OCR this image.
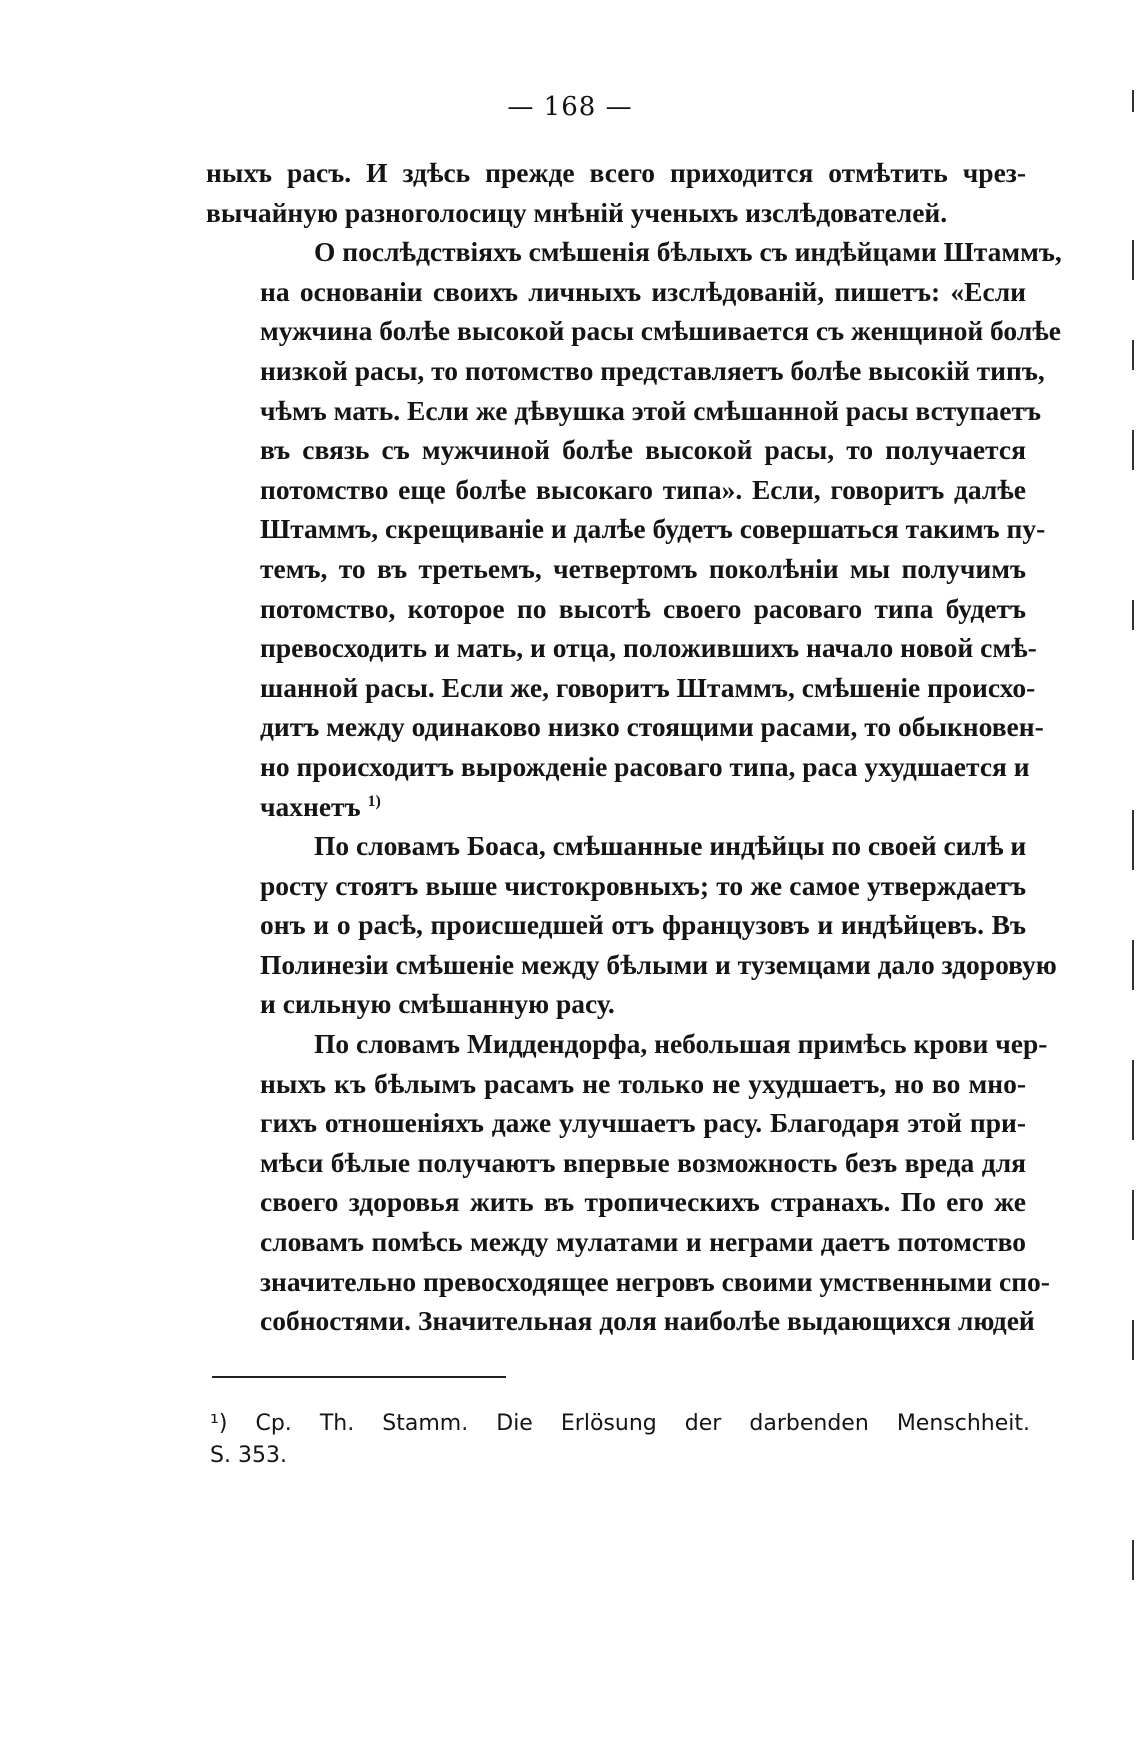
— 168 —
ныхъ расъ. И здѣсь прежде всего приходится отмѣтить чрез-
вычайную разноголосицу мнѣній ученыхъ изслѣдователей.
О послѣдствiяхъ смѣшенiя бѣлыхъ съ индѣйцами Штаммъ,
на основанiи своихъ личныхъ изслѣдованiй, пишетъ: «Если
мужчина болѣе высокой расы смѣшивается съ женщиной болѣе
низкой расы, то потомство представляетъ болѣе высокiй типъ,
чѣмъ мать. Если же дѣвушка этой смѣшанной расы вступаетъ
въ связь съ мужчиной болѣе высокой расы, то получается
потомство еще болѣе высокаго типа». Если, говоритъ далѣе
Штаммъ, скрещиванiе и далѣе будетъ совершаться такимъ пу-
темъ, то въ третьемъ, четвертомъ поколѣнiи мы получимъ
потомство, которое по высотѣ своего расоваго типа будетъ
превосходить и мать, и отца, положившихъ начало новой смѣ-
шанной расы. Если же, говоритъ Штаммъ, смѣшенiе происхо-
дитъ между одинаково низко стоящими расами, то обыкновен-
но происходитъ вырожденiе расоваго типа, раса ухудшается и
чахнетъ $^{1)}$
По словамъ Боаса, смѣшанные индѣйцы по своей силѣ и
росту стоятъ выше чистокровныхъ; то же самое утверждаетъ
онъ и о расѣ, происшедшей отъ французовъ и индѣйцевъ. Въ
Полинезiи смѣшенiе между бѣлыми и туземцами дало здоровую
и сильную смѣшанную расу.
По словамъ Миддендорфа, небольшая примѣсь крови чер-
ныхъ къ бѣлымъ расамъ не только не ухудшаетъ, но во мно-
гихъ отношенiяхъ даже улучшаетъ расу. Благодаря этой при-
мѣси бѣлые получаютъ впервые возможность безъ вреда для
своего здоровья жить въ тропическихъ странахъ. По его же
словамъ помѣсь между мулатами и неграми даетъ потомство
значительно превосходящее негровъ своими умственными спо-
собностями. Значительная доля наиболѣе выдающихся людей
¹) Ср. Th. Stamm. Die Erlösung der darbenden Menschheit.
S. 353.
